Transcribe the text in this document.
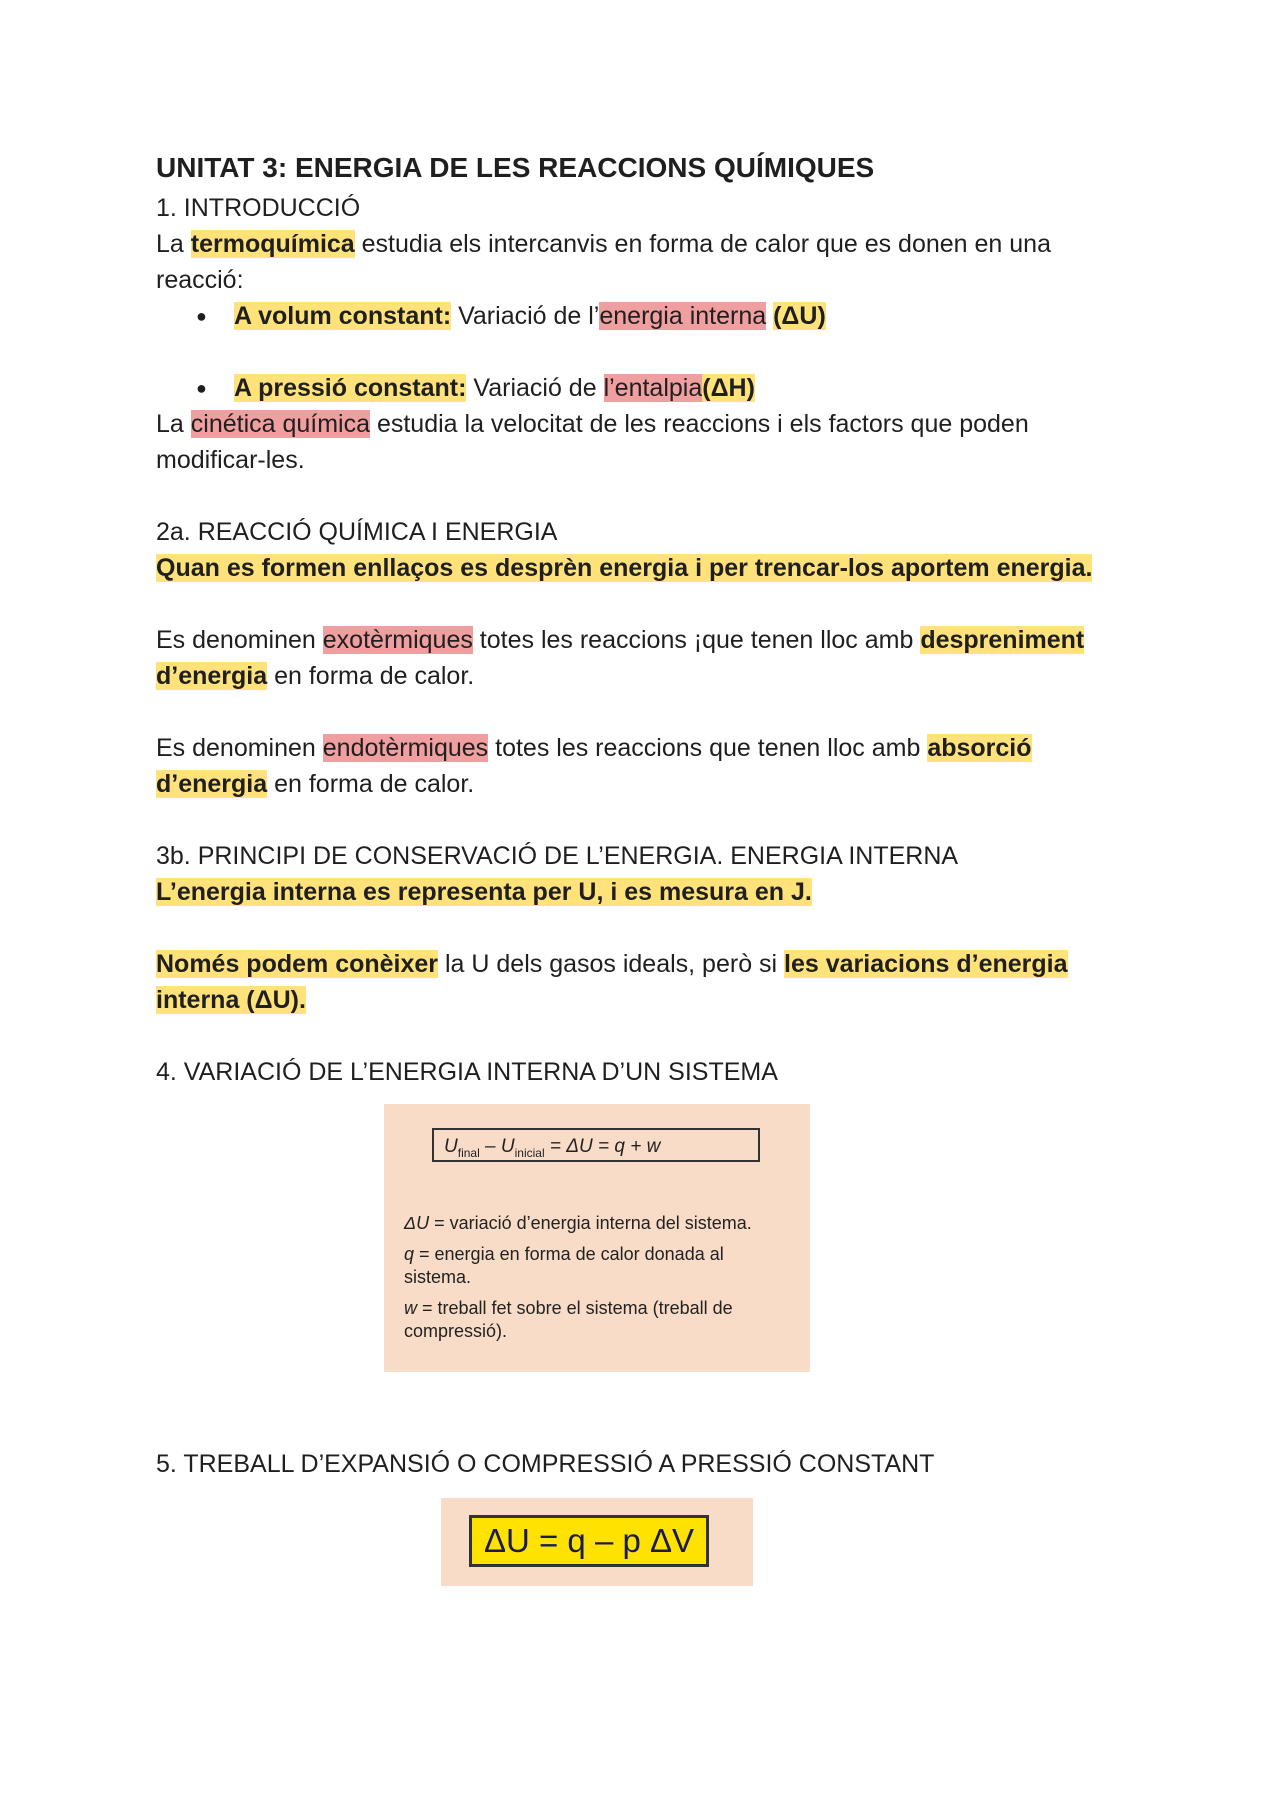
UNITAT 3: ENERGIA DE LES REACCIONS QUÍMIQUES
1. INTRODUCCIÓ
La termoquímica estudia els intercanvis en forma de calor que es donen en una
reacció:
● A volum constant: Variació de l’energia interna (ΔU)
● A pressió constant: Variació de l’entalpia(ΔH)
La cinética química estudia la velocitat de les reaccions i els factors que poden
modificar-les.
2a. REACCIÓ QUÍMICA I ENERGIA
Quan es formen enllaços es desprèn energia i per trencar-los aportem energia.
Es denominen exotèrmiques totes les reaccions ¡que tenen lloc amb despreniment
d’energia en forma de calor.
Es denominen endotèrmiques totes les reaccions que tenen lloc amb absorció
d’energia en forma de calor.
3b. PRINCIPI DE CONSERVACIÓ DE L’ENERGIA. ENERGIA INTERNA
L’energia interna es representa per U, i es mesura en J.
Només podem conèixer la U dels gasos ideals, però si les variacions d’energia
interna (ΔU).
4. VARIACIÓ DE L’ENERGIA INTERNA D’UN SISTEMA
5. TREBALL D’EXPANSIÓ O COMPRESSIÓ A PRESSIÓ CONSTANT
$U_{final} - U_{inicial} = \Delta U = q + w$

ΔU = variació d’energia interna del sistema.

q = energia en forma de calor donada al sistema.

w = treball fet sobre el sistema (treball de compressió).

ΔU = q – p ΔV
